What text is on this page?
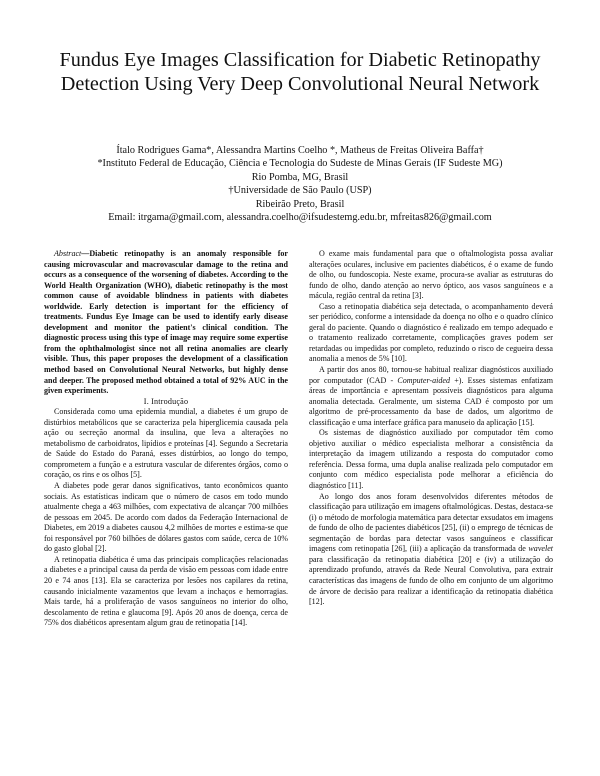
Fundus Eye Images Classification for Diabetic Retinopathy Detection Using Very Deep Convolutional Neural Network
Ítalo Rodrigues Gama*, Alessandra Martins Coelho *, Matheus de Freitas Oliveira Baffa†
*Instituto Federal de Educação, Ciência e Tecnologia do Sudeste de Minas Gerais (IF Sudeste MG)
Rio Pomba, MG, Brasil
†Universidade de São Paulo (USP)
Ribeirão Preto, Brasil
Email: itrgama@gmail.com, alessandra.coelho@ifsudestemg.edu.br, mfreitas826@gmail.com

Abstract—Diabetic retinopathy is an anomaly responsible for causing microvascular and macrovascular damage to the retina and occurs as a consequence of the worsening of diabetes. According to the World Health Organization (WHO), diabetic retinopathy is the most common cause of avoidable blindness in patients with diabetes worldwide. Early detection is important for the efficiency of treatments. Fundus Eye Image can be used to identify early disease development and monitor the patient's clinical condition. The diagnostic process using this type of image may require some expertise from the ophthalmologist since not all retina anomalies are clearly visible. Thus, this paper proposes the development of a classification method based on Convolutional Neural Networks, but highly dense and deeper. The proposed method obtained a total of 92% AUC in the given experiments.

I. Introdução

Considerada como uma epidemia mundial, a diabetes é um grupo de distúrbios metabólicos que se caracteriza pela hiperglicemia causada pela ação ou secreção anormal da insulina, que leva a alterações no metabolismo de carboidratos, lipídios e proteínas [4]. Segundo a Secretaria de Saúde do Estado do Paraná, esses distúrbios, ao longo do tempo, comprometem a função e a estrutura vascular de diferentes órgãos, como o coração, os rins e os olhos [5].

A diabetes pode gerar danos significativos, tanto econômicos quanto sociais. As estatísticas indicam que o número de casos em todo mundo atualmente chega a 463 milhões, com expectativa de alcançar 700 milhões de pessoas em 2045. De acordo com dados da Federação Internacional de Diabetes, em 2019 a diabetes causou 4,2 milhões de mortes e estima-se que foi responsável por 760 bilhões de dólares gastos com saúde, cerca de 10% do gasto global [2].

A retinopatia diabética é uma das principais complicações relacionadas a diabetes e a principal causa da perda de visão em pessoas com idade entre 20 e 74 anos [13]. Ela se caracteriza por lesões nos capilares da retina, causando inicialmente vazamentos que levam a inchaços e hemorragias. Mais tarde, há a proliferação de vasos sanguíneos no interior do olho, descolamento de retina e glaucoma [9]. Após 20 anos de doença, cerca de 75% dos diabéticos apresentam algum grau de retinopatia [14].

O exame mais fundamental para que o oftalmologista possa avaliar alterações oculares, inclusive em pacientes diabéticos, é o exame de fundo de olho, ou fundoscopia. Neste exame, procura-se avaliar as estruturas do fundo de olho, dando atenção ao nervo óptico, aos vasos sanguíneos e a mácula, região central da retina [3].

Caso a retinopatia diabética seja detectada, o acompanhamento deverá ser periódico, conforme a intensidade da doença no olho e o quadro clínico geral do paciente. Quando o diagnóstico é realizado em tempo adequado e o tratamento realizado corretamente, complicações graves podem ser retardadas ou impedidas por completo, reduzindo o risco de cegueira dessa anomalia a menos de 5% [10].

A partir dos anos 80, tornou-se habitual realizar diagnósticos auxiliado por computador (CAD - Computer-aided +). Esses sistemas enfatizam áreas de importância e apresentam possíveis diagnósticos para alguma anomalia detectada. Geralmente, um sistema CAD é composto por um algoritmo de pré-processamento da base de dados, um algoritmo de classificação e uma interface gráfica para manuseio da aplicação [15].

Os sistemas de diagnóstico auxiliado por computador têm como objetivo auxiliar o médico especialista melhorar a consistência da interpretação da imagem utilizando a resposta do computador como referência. Dessa forma, uma dupla analise realizada pelo computador em conjunto com médico especialista pode melhorar a eficiência do diagnóstico [11].

Ao longo dos anos foram desenvolvidos diferentes métodos de classificação para utilização em imagens oftalmológicas. Destas, destaca-se (i) o método de morfologia matemática para detectar exsudatos em imagens de fundo de olho de pacientes diabéticos [25], (ii) o emprego de técnicas de segmentação de bordas para detectar vasos sanguíneos e classificar imagens com retinopatia [26], (iii) a aplicação da transformada de wavelet para classificação da retinopatia diabética [20] e (iv) a utilização do aprendizado profundo, através da Rede Neural Convolutiva, para extrair características das imagens de fundo de olho em conjunto de um algoritmo de árvore de decisão para realizar a identificação da retinopatia diabética [12].
